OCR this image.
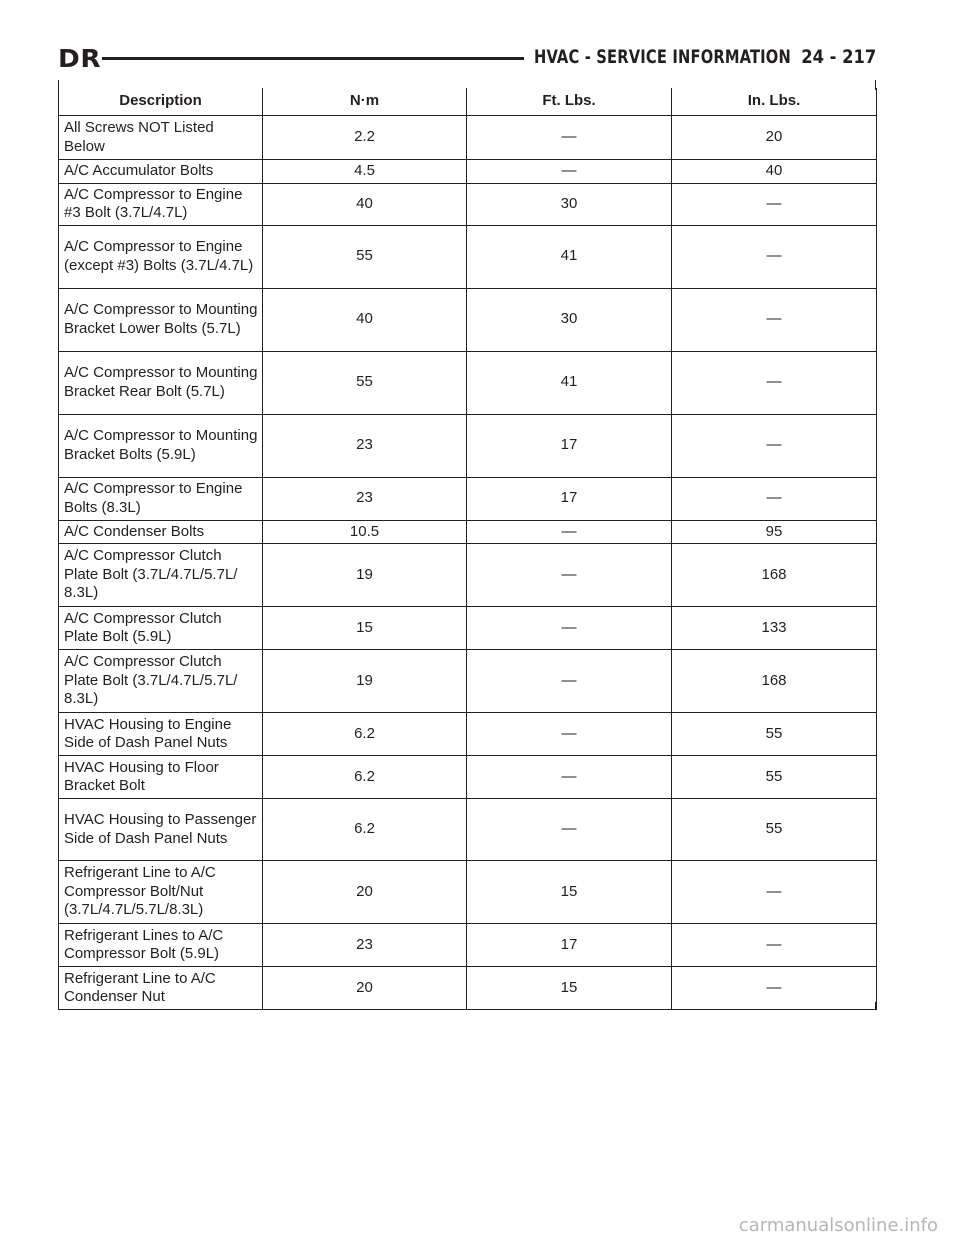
DR	HVAC - SERVICE INFORMATION 24 - 217
Description	N·m	Ft. Lbs.	In. Lbs.
All Screws NOT Listed Below	2.2	—	20
A/C Accumulator Bolts	4.5	—	40
A/C Compressor to Engine #3 Bolt (3.7L/4.7L)	40	30	—
A/C Compressor to Engine (except #3) Bolts (3.7L/4.7L)	55	41	—
A/C Compressor to Mounting Bracket Lower Bolts (5.7L)	40	30	—
A/C Compressor to Mounting Bracket Rear Bolt (5.7L)	55	41	—
A/C Compressor to Mounting Bracket Bolts (5.9L)	23	17	—
A/C Compressor to Engine Bolts (8.3L)	23	17	—
A/C Condenser Bolts	10.5	—	95
A/C Compressor Clutch Plate Bolt (3.7L/4.7L/5.7L/ 8.3L)	19	—	168
A/C Compressor Clutch Plate Bolt (5.9L)	15	—	133
A/C Compressor Clutch Plate Bolt (3.7L/4.7L/5.7L/ 8.3L)	19	—	168
HVAC Housing to Engine Side of Dash Panel Nuts	6.2	—	55
HVAC Housing to Floor Bracket Bolt	6.2	—	55
HVAC Housing to Passenger Side of Dash Panel Nuts	6.2	—	55
Refrigerant Line to A/C Compressor Bolt/Nut (3.7L/4.7L/5.7L/8.3L)	20	15	—
Refrigerant Lines to A/C Compressor Bolt (5.9L)	23	17	—
Refrigerant Line to A/C Condenser Nut	20	15	—
carmanualsonline.info
